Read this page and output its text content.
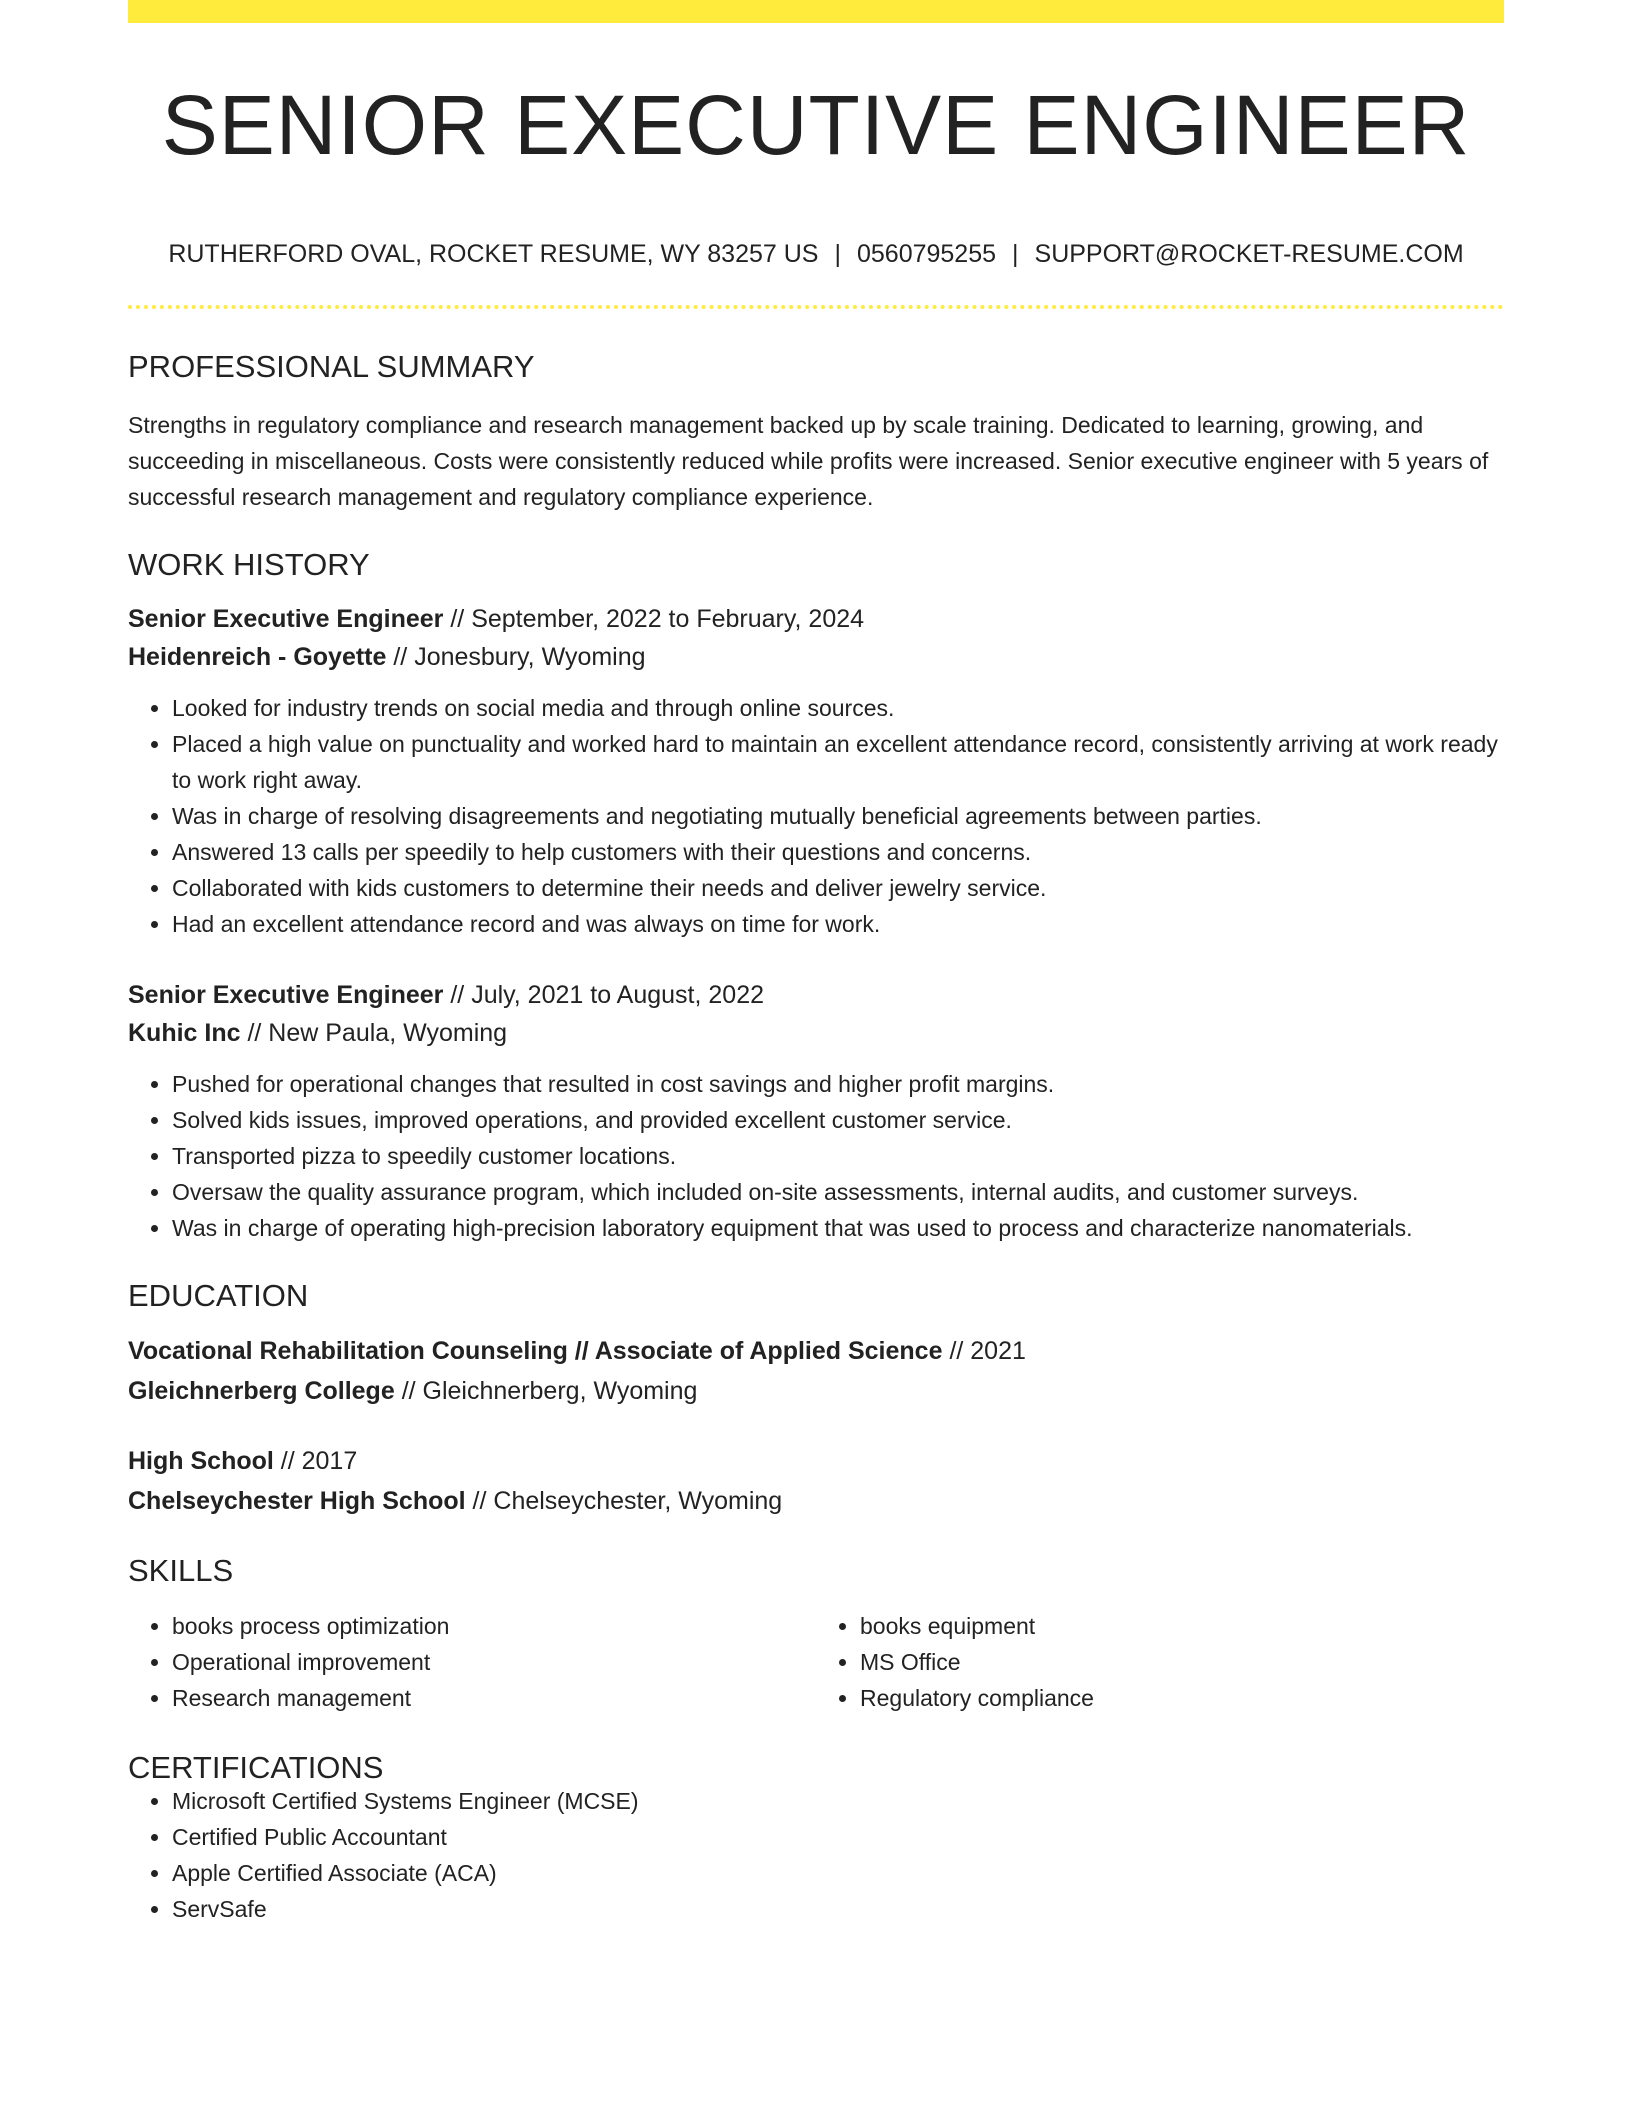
SENIOR EXECUTIVE ENGINEER
RUTHERFORD OVAL, ROCKET RESUME, WY 83257 US | 0560795255 | SUPPORT@ROCKET-RESUME.COM
PROFESSIONAL SUMMARY
Strengths in regulatory compliance and research management backed up by scale training. Dedicated to learning, growing, and succeeding in miscellaneous. Costs were consistently reduced while profits were increased. Senior executive engineer with 5 years of successful research management and regulatory compliance experience.
WORK HISTORY
Senior Executive Engineer // September, 2022 to February, 2024
Heidenreich - Goyette // Jonesbury, Wyoming
• Looked for industry trends on social media and through online sources.
• Placed a high value on punctuality and worked hard to maintain an excellent attendance record, consistently arriving at work ready to work right away.
• Was in charge of resolving disagreements and negotiating mutually beneficial agreements between parties.
• Answered 13 calls per speedily to help customers with their questions and concerns.
• Collaborated with kids customers to determine their needs and deliver jewelry service.
• Had an excellent attendance record and was always on time for work.
Senior Executive Engineer // July, 2021 to August, 2022
Kuhic Inc // New Paula, Wyoming
• Pushed for operational changes that resulted in cost savings and higher profit margins.
• Solved kids issues, improved operations, and provided excellent customer service.
• Transported pizza to speedily customer locations.
• Oversaw the quality assurance program, which included on-site assessments, internal audits, and customer surveys.
• Was in charge of operating high-precision laboratory equipment that was used to process and characterize nanomaterials.
EDUCATION
Vocational Rehabilitation Counseling // Associate of Applied Science // 2021
Gleichnerberg College // Gleichnerberg, Wyoming
High School // 2017
Chelseychester High School // Chelseychester, Wyoming
SKILLS
• books process optimization
• Operational improvement
• Research management
• books equipment
• MS Office
• Regulatory compliance
CERTIFICATIONS
• Microsoft Certified Systems Engineer (MCSE)
• Certified Public Accountant
• Apple Certified Associate (ACA)
• ServSafe
